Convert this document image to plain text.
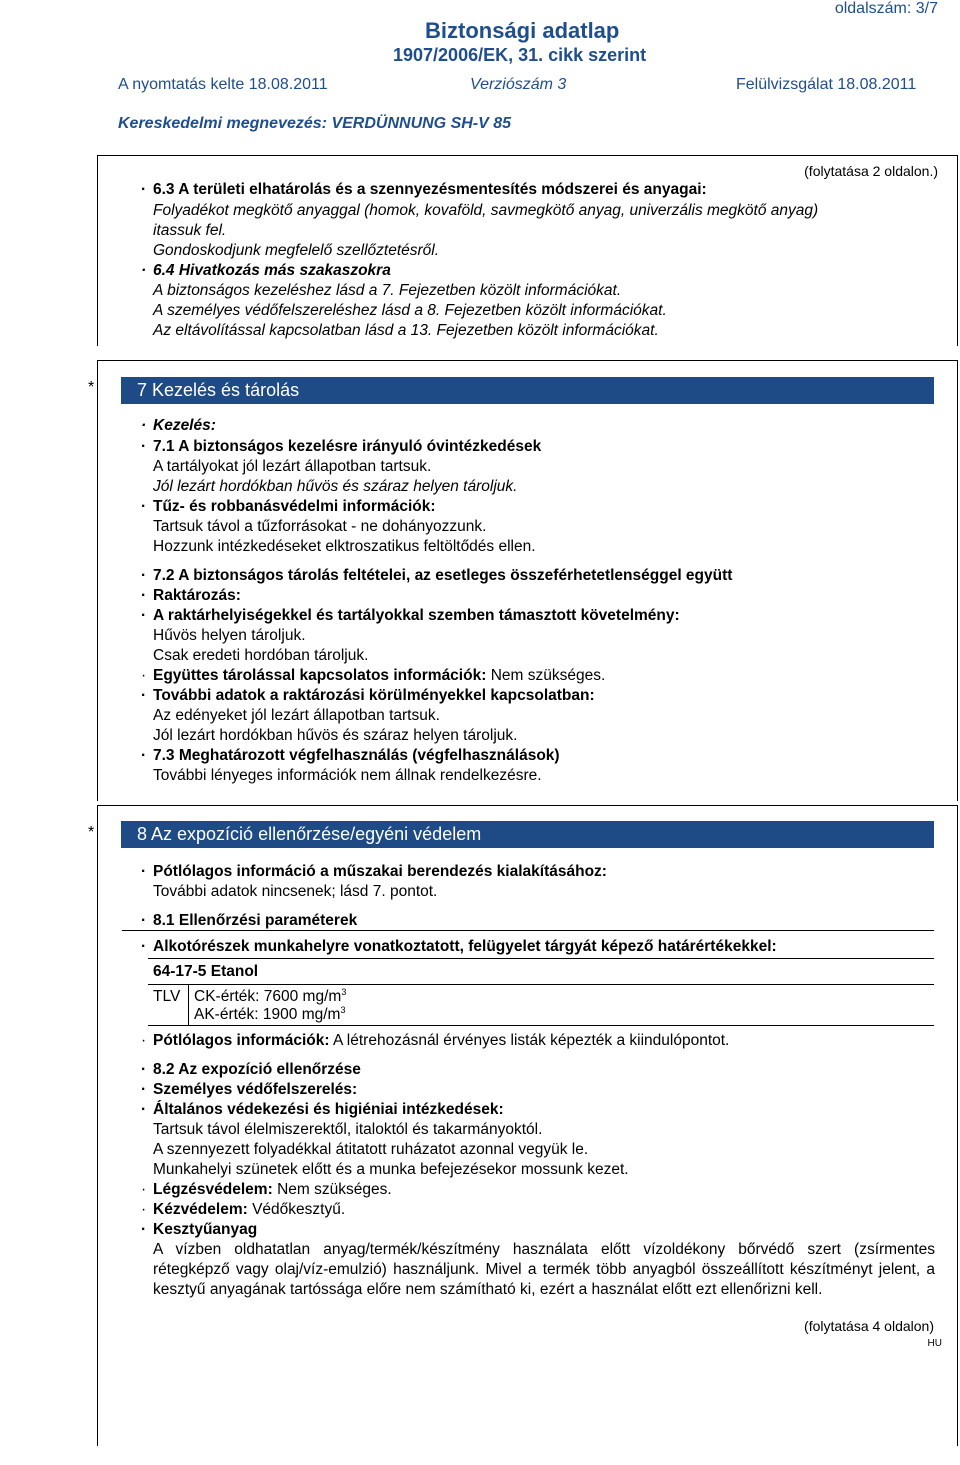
oldalszám: 3/7
Biztonsági adatlap
1907/2006/EK, 31. cikk szerint
A nyomtatás kelte 18.08.2011	Verziószám 3	Felülvizsgálat 18.08.2011
Kereskedelmi megnevezés: VERDÜNNUNG SH-V 85
(folytatása 2 oldalon.)
· 6.3 A területi elhatárolás és a szennyezésmentesítés módszerei és anyagai:
Folyadékot megkötő anyaggal (homok, kovaföld, savmegkötő anyag, univerzális megkötő anyag)
itassuk fel.
Gondoskodjunk megfelelő szellőztetésről.
· 6.4 Hivatkozás más szakaszokra
A biztonságos kezeléshez lásd a 7. Fejezetben közölt információkat.
A személyes védőfelszereléshez lásd a 8. Fejezetben közölt információkat.
Az eltávolítással kapcsolatban lásd a 13. Fejezetben közölt információkat.
*	7 Kezelés és tárolás
· Kezelés:
· 7.1 A biztonságos kezelésre irányuló óvintézkedések
A tartályokat jól lezárt állapotban tartsuk.
Jól lezárt hordókban hűvös és száraz helyen tároljuk.
· Tűz- és robbanásvédelmi információk:
Tartsuk távol a tűzforrásokat - ne dohányozzunk.
Hozzunk intézkedéseket elktroszatikus feltöltődés ellen.
· 7.2 A biztonságos tárolás feltételei, az esetleges összeférhetetlenséggel együtt
· Raktározás:
· A raktárhelyiségekkel és tartályokkal szemben támasztott követelmény:
Hűvös helyen tároljuk.
Csak eredeti hordóban tároljuk.
· Együttes tárolással kapcsolatos információk: Nem szükséges.
· További adatok a raktározási körülményekkel kapcsolatban:
Az edényeket jól lezárt állapotban tartsuk.
Jól lezárt hordókban hűvös és száraz helyen tároljuk.
· 7.3 Meghatározott végfelhasználás (végfelhasználások)
További lényeges információk nem állnak rendelkezésre.
*	8 Az expozíció ellenőrzése/egyéni védelem
· Pótlólagos információ a műszakai berendezés kialakításához:
További adatok nincsenek; lásd 7. pontot.
· 8.1 Ellenőrzési paraméterek
· Alkotórészek munkahelyre vonatkoztatott, felügyelet tárgyát képező határértékekkel:
64-17-5 Etanol
TLV CK-érték: 7600 $mg/m^3$
AK-érték: 1900 $mg/m^3$
· Pótlólagos információk: A létrehozásnál érvényes listák képezték a kiindulópontot.
· 8.2 Az expozíció ellenőrzése
· Személyes védőfelszerelés:
· Általános védekezési és higiéniai intézkedések:
Tartsuk távol élelmiszerektől, italoktól és takarmányoktól.
A szennyezett folyadékkal átitatott ruházatot azonnal vegyük le.
Munkahelyi szünetek előtt és a munka befejezésekor mossunk kezet.
· Légzésvédelem: Nem szükséges.
· Kézvédelem: Védőkesztyű.
· Kesztyűanyag
A vízben oldhatatlan anyag/termék/készítmény használata előtt vízoldékony bőrvédő szert (zsírmentes rétegképző vagy olaj/víz-emulzió) használjunk. Mivel a termék több anyagból összeállított készítményt jelent, a kesztyű anyagának tartóssága előre nem számítható ki, ezért a használat előtt ezt ellenőrizni kell.
(folytatása 4 oldalon)
HU
